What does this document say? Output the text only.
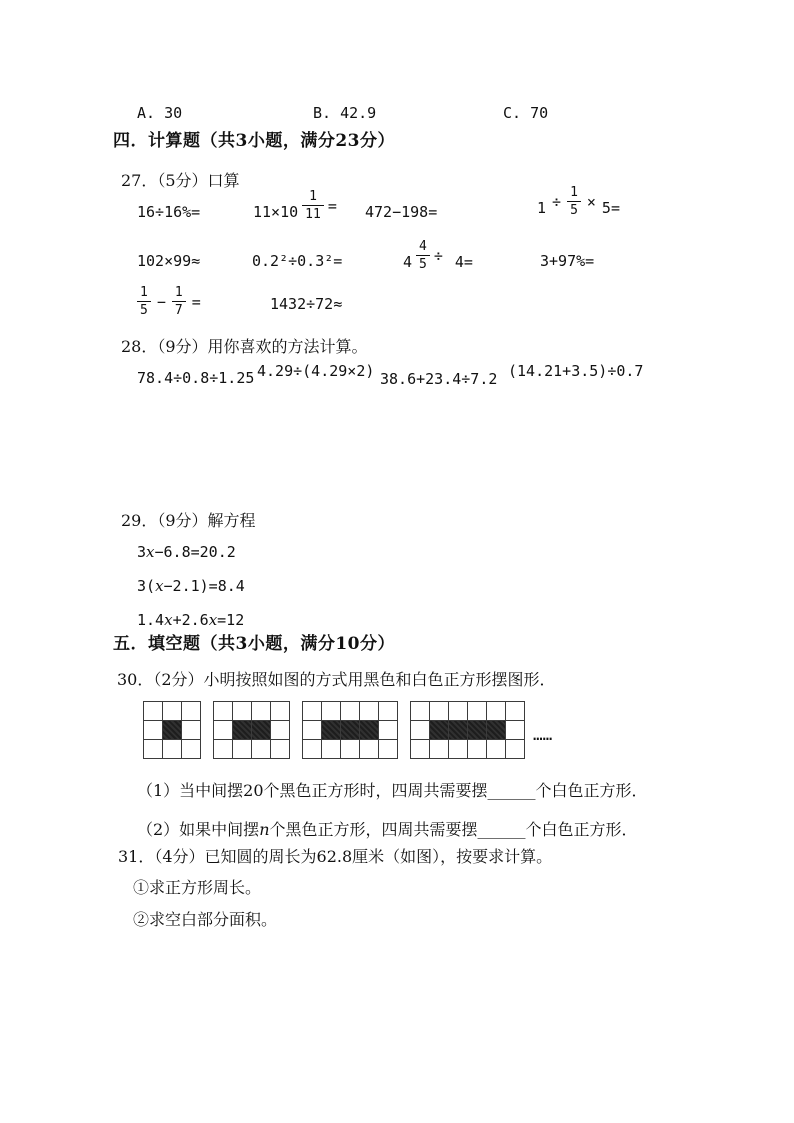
A. 30	B. 42.9	C. 70
四．计算题（共3小题，满分23分）
27．（5分）口算
16÷16%=	$11\times 10 \frac{1}{11} = 472-198=$	$1 \div \frac{1}{5} \times 5=$
102×99≈	0.2²÷0.3²=	$4 \frac{4}{5} \div 4=$	3+97%=
$\frac{1}{5} - \frac{1}{7}$ =	1432÷72≈
28．（9分）用你喜欢的方法计算。
78.4÷0.8÷1.25 4.29÷(4.29×2) 38.6+23.4÷7.2 (14.21+3.5)÷0.7
29．（9分）解方程
3x−6.8=20.2
3(x−2.1)=8.4
1.4x+2.6x=12
五．填空题（共3小题，满分10分）
30．（2分）小明按照如图的方式用黑色和白色正方形摆图形．
……
（1）当中间摆20个黑色正方形时，四周共需要摆______个白色正方形．
（2）如果中间摆n个黑色正方形，四周共需要摆______个白色正方形．
31．（4分）已知圆的周长为62.8厘米（如图），按要求计算。
①求正方形周长。
②求空白部分面积。
